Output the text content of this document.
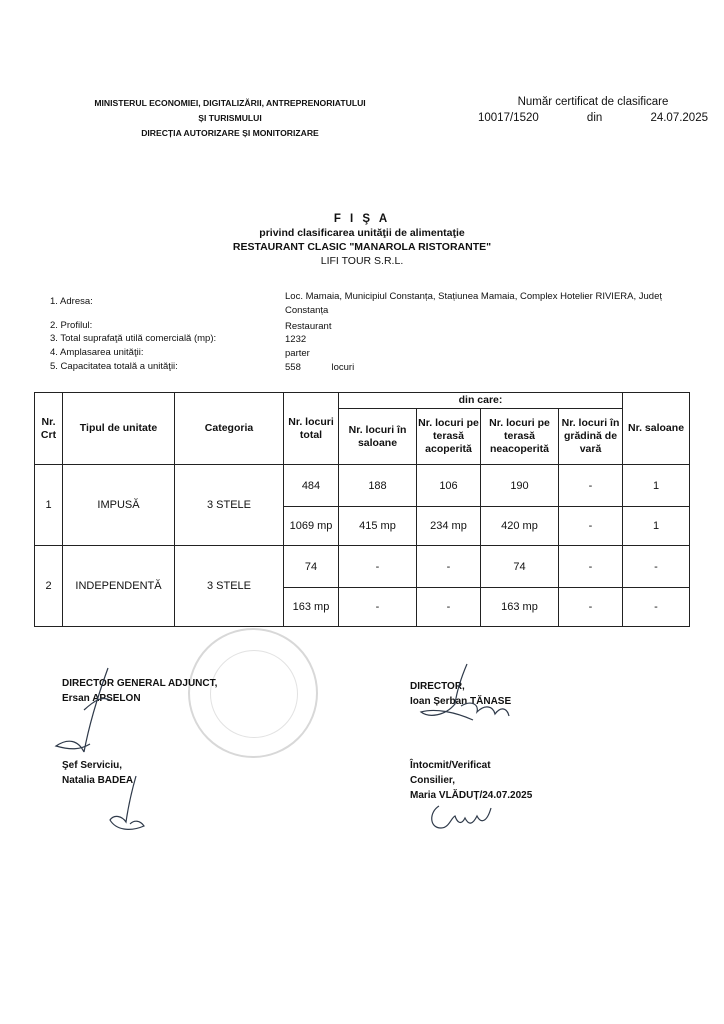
MINISTERUL ECONOMIEI, DIGITALIZĂRII, ANTREPRENORIATULUI
ȘI TURISMULUI
DIRECȚIA AUTORIZARE ȘI MONITORIZARE
Număr certificat de clasificare
10017/1520	din	24.07.2025
F I Ş A
privind clasificarea unităţii de alimentaţie
RESTAURANT CLASIC "MANAROLA RISTORANTE"
LIFI TOUR S.R.L.
1. Adresa:	Loc. Mamaia, Municipiul Constanța, Stațiunea Mamaia, Complex Hotelier RIVIERA, Județ Constanța
2. Profilul:	Restaurant
3. Total suprafaţă utilă comercială (mp):	1232
4. Amplasarea unităţii:	parter
5. Capacitatea totală a unităţii:	558	locuri
Nr. Crt	Tipul de unitate	Categoria	Nr. locuri total	din care:				Nr. saloane
				Nr. locuri în saloane	Nr. locuri pe terasă acoperită	Nr. locuri pe terasă neacoperită	Nr. locuri în grădină de vară	
1	IMPUSĂ	3 STELE	484	188	106	190	-	1
			1069 mp	415 mp	234 mp	420 mp	-	1
2	INDEPENDENTĂ	3 STELE	74	-	-	74	-	-
			163 mp	-	-	163 mp	-	-
DIRECTOR GENERAL ADJUNCT,
Ersan APSELON
Şef Serviciu,
Natalia BADEA
DIRECTOR,
Ioan Șerban TĂNASE
Întocmit/Verificat
Consilier,
Maria VLĂDUȚ/24.07.2025
